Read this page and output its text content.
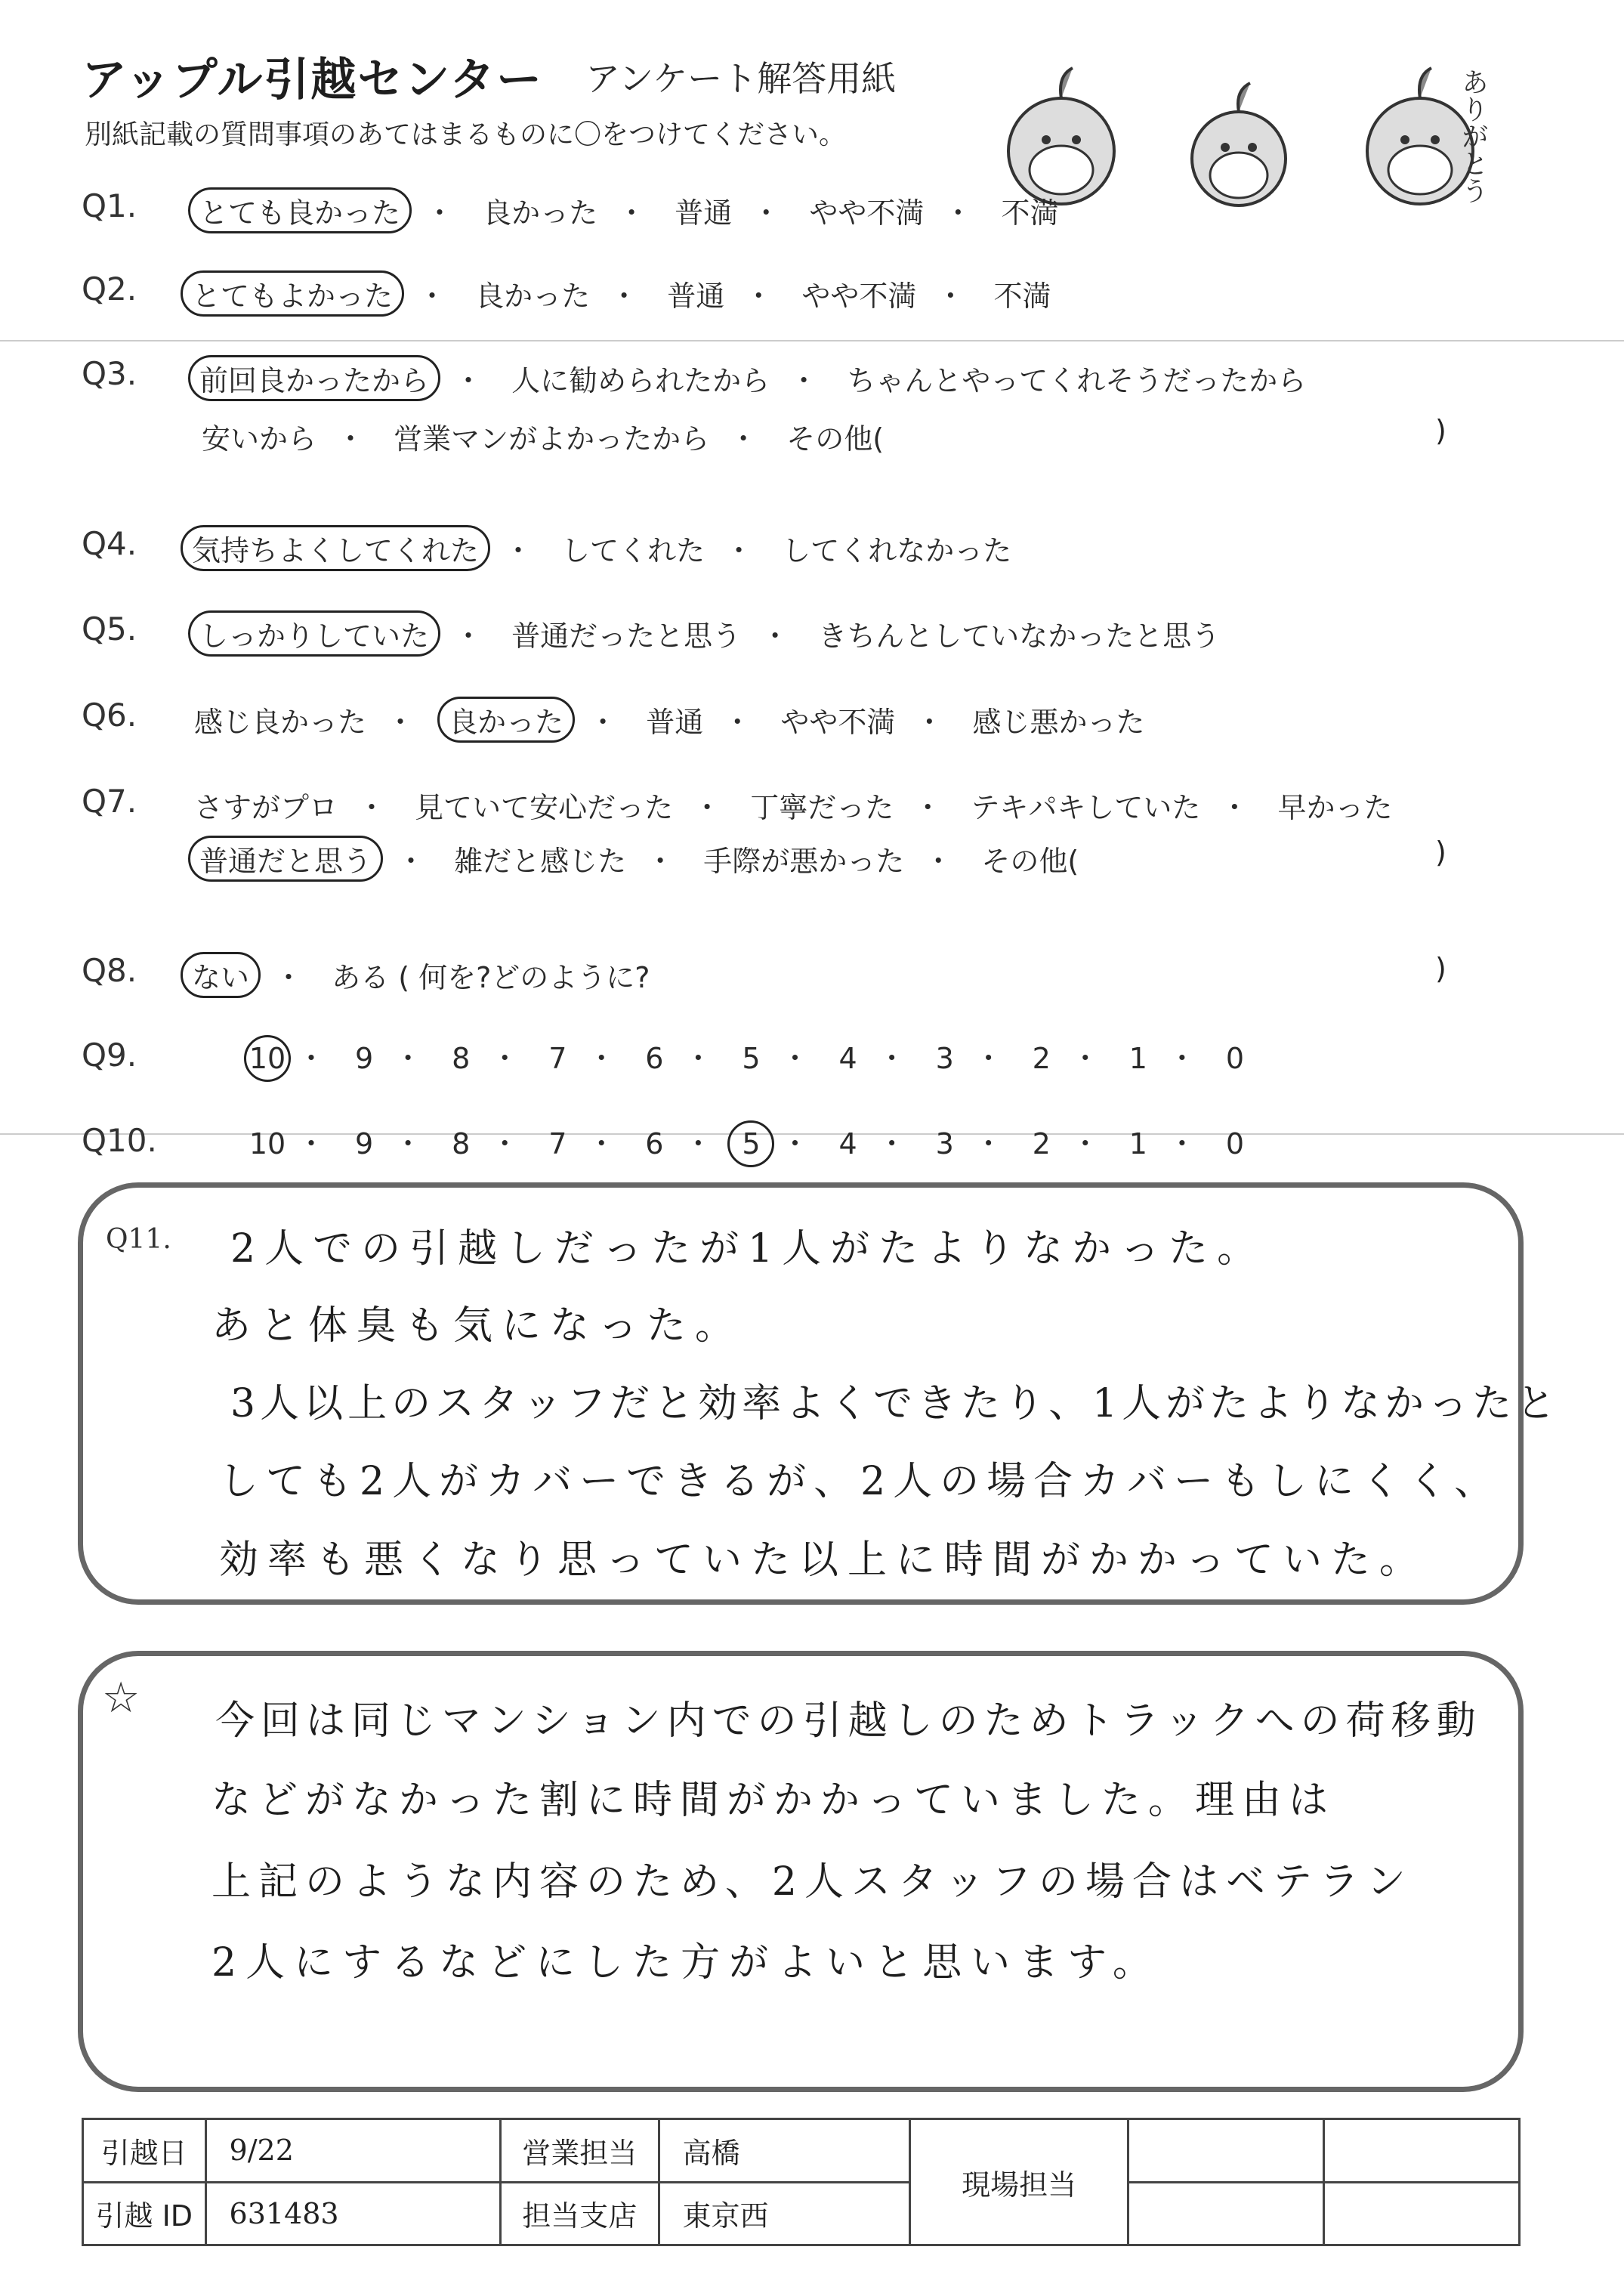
アップル引越センター アンケート解答用紙
別紙記載の質問事項のあてはまるものに〇をつけてください。	ありがとう
Q1.	とても良かった ・ 良かった ・ 普通 ・ やや不満 ・ 不満
Q2.	とてもよかった ・ 良かった ・ 普通 ・ やや不満 ・ 不満
Q3.	前回良かったから ・ 人に勧められたから ・ ちゃんとやってくれそうだったから
安いから ・ 営業マンがよかったから ・ その他(	)
Q4.	気持ちよくしてくれた ・ してくれた ・ してくれなかった
Q5.	しっかりしていた ・ 普通だったと思う ・ きちんとしていなかったと思う
Q6.	感じ良かった ・ 良かった ・ 普通 ・ やや不満 ・ 感じ悪かった
Q7.	さすがプロ ・ 見ていて安心だった ・ 丁寧だった ・ テキパキしていた ・ 早かった
普通だと思う ・ 雑だと感じた ・ 手際が悪かった ・ その他(	)
Q8.	ない ・ ある ( 何を?どのように?	)
Q9.	10 ・ 9 ・ 8 ・ 7 ・ 6 ・ 5 ・ 4 ・ 3 ・ 2 ・ 1 ・ 0
Q10.	10 ・ 9 ・ 8 ・ 7 ・ 6 ・ 5 ・ 4 ・ 3 ・ 2 ・ 1 ・ 0
Q11. 2人での引越しだったが1人がたよりなかった。
あと体臭も気になった。
3人以上のスタッフだと効率よくできたり、1人がたよりなかったと
しても2人がカバーできるが、2人の場合カバーもしにくく、
効率も悪くなり思っていた以上に時間がかかっていた。
☆ 今回は同じマンション内での引越しのためトラックへの荷移動
などがなかった割に時間がかかっていました。理由は
上記のような内容のため、2人スタッフの場合はベテラン
2人にするなどにした方がよいと思います。
引越日	9/22	営業担当	高橋	現場担当		
引越 ID	631483	担当支店	東京西			
